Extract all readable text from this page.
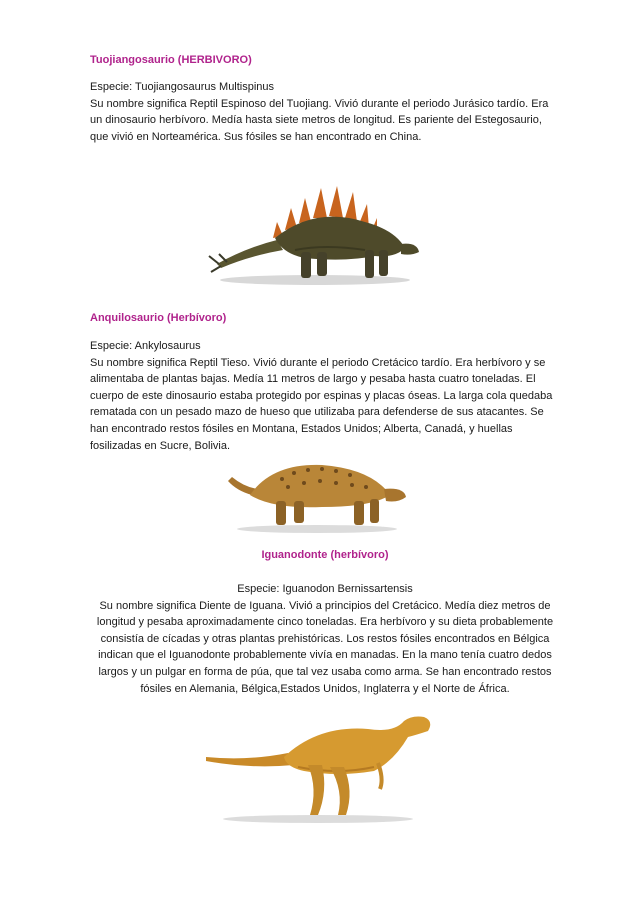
Tuojiangosaurio (HERBIVORO)
Especie: Tuojiangosaurus Multispinus
Su nombre significa Reptil Espinoso del Tuojiang. Vivió durante el periodo Jurásico tardío. Era
un dinosaurio herbívoro. Medía hasta siete metros de longitud. Es pariente del Estegosaurio,
que vivió en Norteamérica. Sus fósiles se han encontrado en China.
Anquilosaurio (Herbívoro)
Especie: Ankylosaurus
Su nombre significa Reptil Tieso. Vivió durante el periodo Cretácico tardío. Era herbívoro y se
alimentaba de plantas bajas. Medía 11 metros de largo y pesaba hasta cuatro toneladas. El
cuerpo de este dinosaurio estaba protegido por espinas y placas óseas. La larga cola quedaba
rematada con un pesado mazo de hueso que utilizaba para defenderse de sus atacantes. Se
han encontrado restos fósiles en Montana, Estados Unidos; Alberta, Canadá, y huellas
fosilizadas en Sucre, Bolivia.
Iguanodonte (herbívoro)
Especie: Iguanodon Bernissartensis
Su nombre significa Diente de Iguana. Vivió a principios del Cretácico. Medía diez metros de
longitud y pesaba aproximadamente cinco toneladas. Era herbívoro y su dieta probablemente
consistía de cícadas y otras plantas prehistóricas. Los restos fósiles encontrados en Bélgica
indican que el Iguanodonte probablemente vivía en manadas. En la mano tenía cuatro dedos
largos y un pulgar en forma de púa, que tal vez usaba como arma. Se han encontrado restos
fósiles en Alemania, Bélgica,Estados Unidos, Inglaterra y el Norte de África.
